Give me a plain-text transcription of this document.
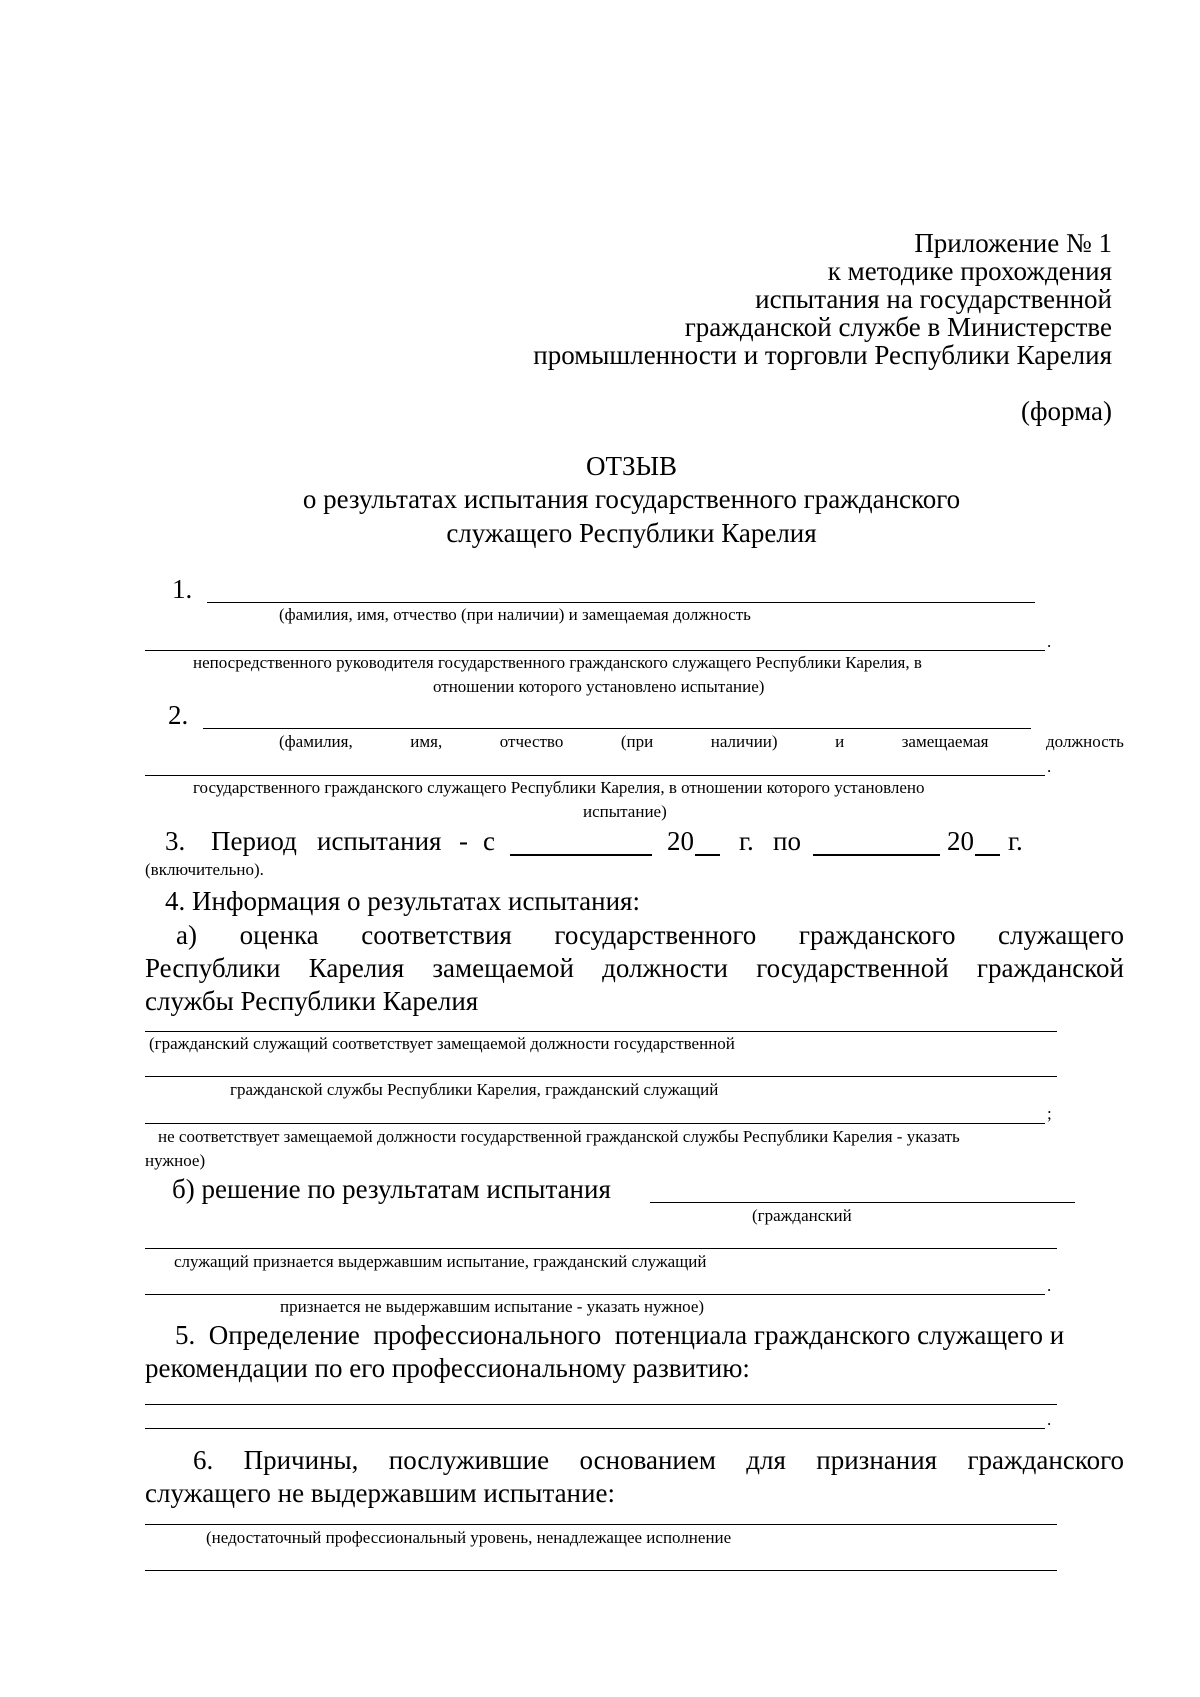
Приложение № 1
к методике прохождения
испытания на государственной
гражданской службе в Министерстве
промышленности и торговли Республики Карелия
(форма)
ОТЗЫВ
о результатах испытания государственного гражданского
служащего Республики Карелия
1.
(фамилия, имя, отчество (при наличии) и замещаемая должность
.
непосредственного руководителя государственного гражданского служащего Республики Карелия, в
отношении которого установлено испытание)
2.
(фамилия,	имя,	отчество	(при	наличии)	и	замещаемая	должность
.
государственного гражданского служащего Республики Карелия, в отношении которого установлено
испытание)
3. Период испытания - с	20 г. по	20 г.
(включительно).
4. Информация о результатах испытания:
а) оценка соответствия государственного гражданского служащего
Республики Карелия замещаемой должности государственной гражданской
службы Республики Карелия
(гражданский служащий соответствует замещаемой должности государственной
гражданской службы Республики Карелия, гражданский служащий
;
не соответствует замещаемой должности государственной гражданской службы Республики Карелия - указать
нужное)
б) решение по результатам испытания
(гражданский
служащий признается выдержавшим испытание, гражданский служащий
.
признается не выдержавшим испытание - указать нужное)
5.  Определение  профессионального  потенциала гражданского служащего и
рекомендации по его профессиональному развитию:
.
6. Причины, послужившие основанием для признания гражданского
служащего не выдержавшим испытание:
(недостаточный профессиональный уровень, ненадлежащее исполнение
